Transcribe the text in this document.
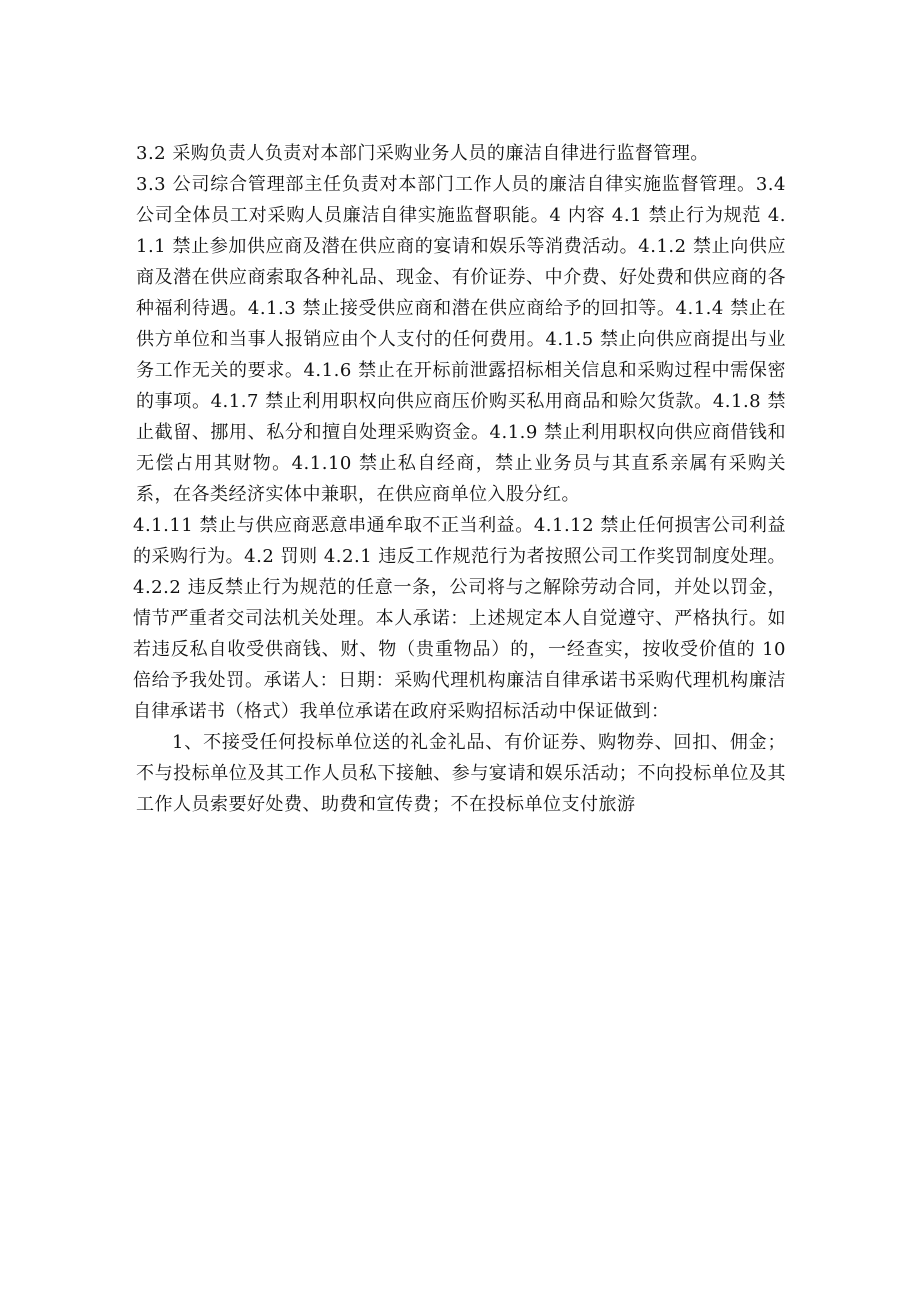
3.2 采购负责人负责对本部门采购业务人员的廉洁自律进行监督管理。

3.3 公司综合管理部主任负责对本部门工作人员的廉洁自律实施监督管理。3.4 公司全体员工对采购人员廉洁自律实施监督职能。4 内容 4.1 禁止行为规范 4.1.1 禁止参加供应商及潜在供应商的宴请和娱乐等消费活动。4.1.2 禁止向供应商及潜在供应商索取各种礼品、现金、有价证券、中介费、好处费和供应商的各种福利待遇。4.1.3 禁止接受供应商和潜在供应商给予的回扣等。4.1.4 禁止在供方单位和当事人报销应由个人支付的任何费用。4.1.5 禁止向供应商提出与业务工作无关的要求。4.1.6 禁止在开标前泄露招标相关信息和采购过程中需保密的事项。4.1.7 禁止利用职权向供应商压价购买私用商品和赊欠货款。4.1.8 禁止截留、挪用、私分和擅自处理采购资金。4.1.9 禁止利用职权向供应商借钱和无偿占用其财物。4.1.10 禁止私自经商，禁止业务员与其直系亲属有采购关系，在各类经济实体中兼职，在供应商单位入股分红。

4.1.11 禁止与供应商恶意串通牟取不正当利益。4.1.12 禁止任何损害公司利益的采购行为。4.2 罚则 4.2.1 违反工作规范行为者按照公司工作奖罚制度处理。4.2.2 违反禁止行为规范的任意一条，公司将与之解除劳动合同，并处以罚金，情节严重者交司法机关处理。本人承诺：上述规定本人自觉遵守、严格执行。如若违反私自收受供商钱、财、物（贵重物品）的，一经查实，按收受价值的 10 倍给予我处罚。承诺人：日期：采购代理机构廉洁自律承诺书采购代理机构廉洁自律承诺书（格式）我单位承诺在政府采购招标活动中保证做到：

1、不接受任何投标单位送的礼金礼品、有价证券、购物券、回扣、佣金；不与投标单位及其工作人员私下接触、参与宴请和娱乐活动；不向投标单位及其工作人员索要好处费、助费和宣传费；不在投标单位支付旅游
